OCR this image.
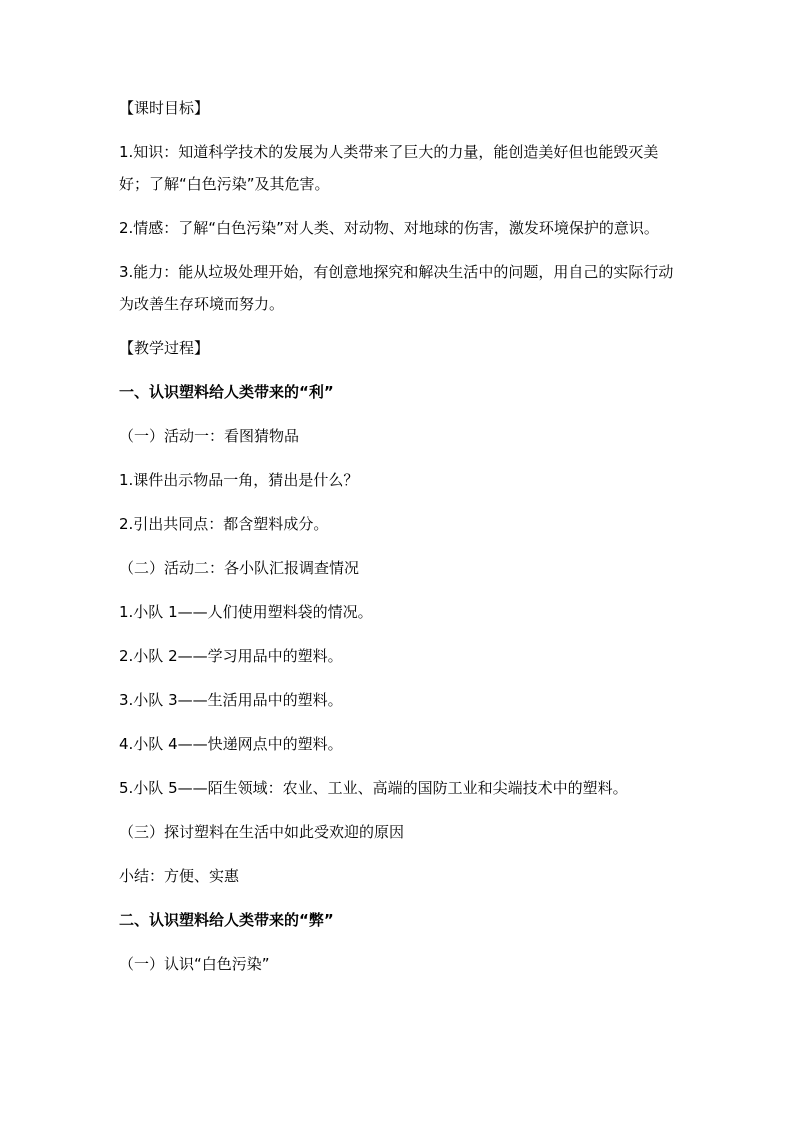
【课时目标】

1.知识：知道科学技术的发展为人类带来了巨大的力量，能创造美好但也能毁灭美好；了解“白色污染”及其危害。

2.情感：了解“白色污染”对人类、对动物、对地球的伤害，激发环境保护的意识。

3.能力：能从垃圾处理开始，有创意地探究和解决生活中的问题，用自己的实际行动为改善生存环境而努力。

【教学过程】

一、认识塑料给人类带来的“利”

（一）活动一：看图猜物品

1.课件出示物品一角，猜出是什么？

2.引出共同点：都含塑料成分。

（二）活动二：各小队汇报调查情况

1.小队 1——人们使用塑料袋的情况。

2.小队 2——学习用品中的塑料。

3.小队 3——生活用品中的塑料。

4.小队 4——快递网点中的塑料。

5.小队 5——陌生领域：农业、工业、高端的国防工业和尖端技术中的塑料。

（三）探讨塑料在生活中如此受欢迎的原因

小结：方便、实惠

二、认识塑料给人类带来的“弊”

（一）认识“白色污染”
